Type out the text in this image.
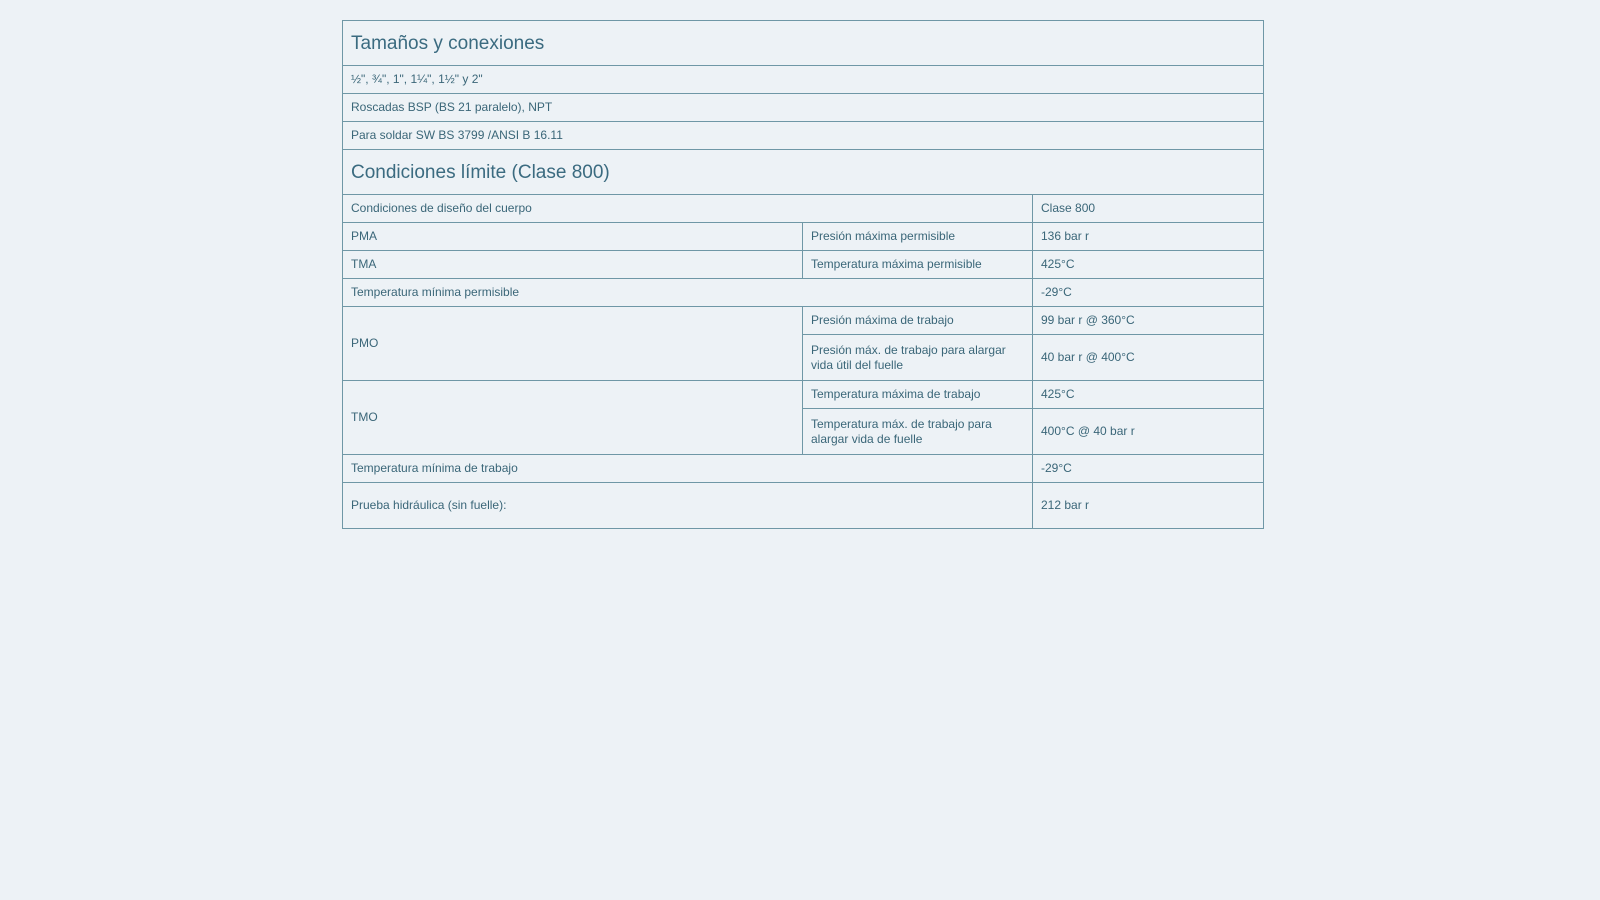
Tamaños y conexiones		
½", ¾", 1", 1¼", 1½" y 2"		
Roscadas BSP (BS 21 paralelo), NPT		
Para soldar SW BS 3799 /ANSI B 16.11		
Condiciones límite (Clase 800)		
Condiciones de diseño del cuerpo		Clase 800
PMA	Presión máxima permisible	136 bar r
TMA	Temperatura máxima permisible	425°C
Temperatura mínima permisible		-29°C
PMO	Presión máxima de trabajo	99 bar r @ 360°C
	Presión máx. de trabajo para alargar vida útil del fuelle	40 bar r @ 400°C
TMO	Temperatura máxima de trabajo	425°C
	Temperatura máx. de trabajo para alargar vida de fuelle	400°C @ 40 bar r
Temperatura mínima de trabajo		-29°C
Prueba hidráulica (sin fuelle):		212 bar r
